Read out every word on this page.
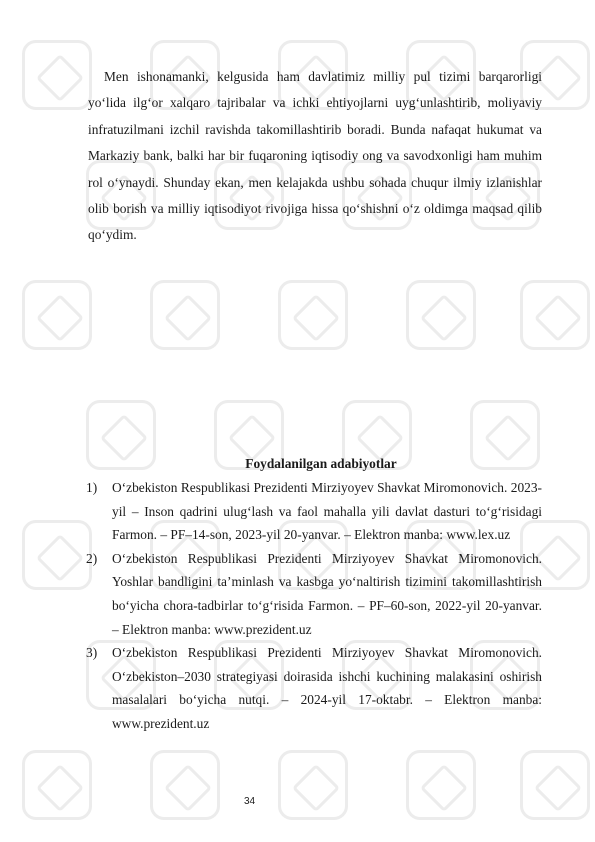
Men ishonamanki, kelgusida ham davlatimiz milliy pul tizimi barqarorligi yo‘lida ilg‘or xalqaro tajribalar va ichki ehtiyojlarni uyg‘unlashtirib, moliyaviy infratuzilmani izchil ravishda takomillashtirib boradi. Bunda nafaqat hukumat va Markaziy bank, balki har bir fuqaroning iqtisodiy ong va savodxonligi ham muhim rol o‘ynaydi. Shunday ekan, men kelajakda ushbu sohada chuqur ilmiy izlanishlar olib borish va milliy iqtisodiyot rivojiga hissa qo‘shishni o‘z oldimga maqsad qilib qo‘ydim.

Foydalanilgan adabiyotlar
1) O‘zbekiston Respublikasi Prezidenti Mirziyoyev Shavkat Miromonovich. 2023-yil – Inson qadrini ulug‘lash va faol mahalla yili davlat dasturi to‘g‘risidagi Farmon. – PF–14-son, 2023-yil 20-yanvar. – Elektron manba: www.lex.uz
2) O‘zbekiston Respublikasi Prezidenti Mirziyoyev Shavkat Miromonovich. Yoshlar bandligini ta’minlash va kasbga yo‘naltirish tizimini takomillashtirish bo‘yicha chora-tadbirlar to‘g‘risida Farmon. – PF–60-son, 2022-yil 20-yanvar. – Elektron manba: www.prezident.uz
3) O‘zbekiston Respublikasi Prezidenti Mirziyoyev Shavkat Miromonovich. O‘zbekiston–2030 strategiyasi doirasida ishchi kuchining malakasini oshirish masalalari bo‘yicha nutqi. – 2024-yil 17-oktabr. – Elektron manba: www.prezident.uz
34
